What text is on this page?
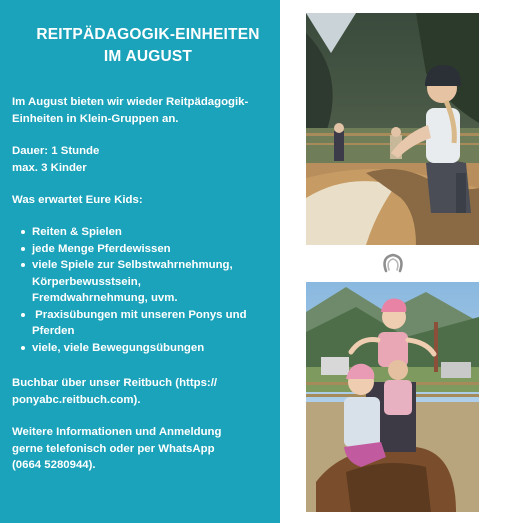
REITPÄDAGOGIK-EINHEITEN
IM AUGUST
Im August bieten wir wieder Reitpädagogik-
Einheiten in Klein-Gruppen an.
Dauer: 1 Stunde
max. 3 Kinder
Was erwartet Eure Kids:
Reiten & Spielen
jede Menge Pferdewissen
viele Spiele zur Selbstwahrnehmung,
Körperbewusstsein,
Fremdwahrnehmung, uvm.
Praxisübungen mit unseren Ponys und
Pferden
viele, viele Bewegungsübungen
Buchbar über unser Reitbuch (https://
ponyabc.reitbuch.com).
Weitere Informationen und Anmeldung
gerne telefonisch oder per WhatsApp
(0664 5280944).
